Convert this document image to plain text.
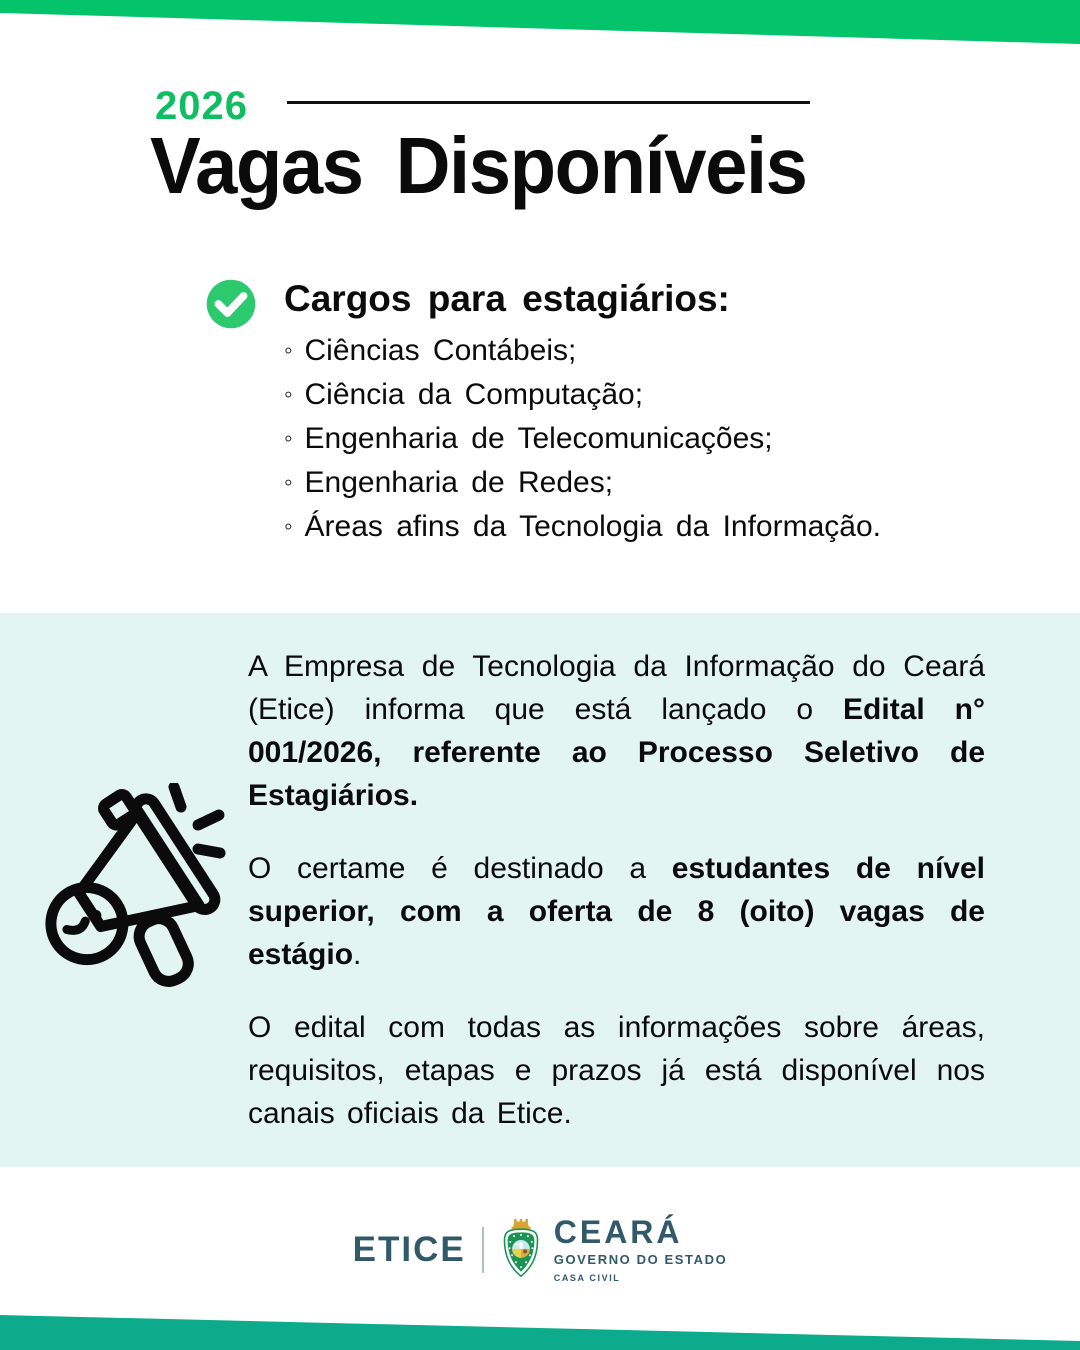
2026
Vagas Disponíveis
Cargos para estagiários:
◦ Ciências Contábeis;
◦ Ciência da Computação;
◦ Engenharia de Telecomunicações;
◦ Engenharia de Redes;
◦ Áreas afins da Tecnologia da Informação.

A Empresa de Tecnologia da Informação do Ceará (Etice) informa que está lançado o Edital n° 001/2026, referente ao Processo Seletivo de Estagiários.

O certame é destinado a estudantes de nível superior, com a oferta de 8 (oito) vagas de estágio.

O edital com todas as informações sobre áreas, requisitos, etapas e prazos já está disponível nos canais oficiais da Etice.

ETICE	CEARÁ
GOVERNO DO ESTADO
CASA CIVIL
